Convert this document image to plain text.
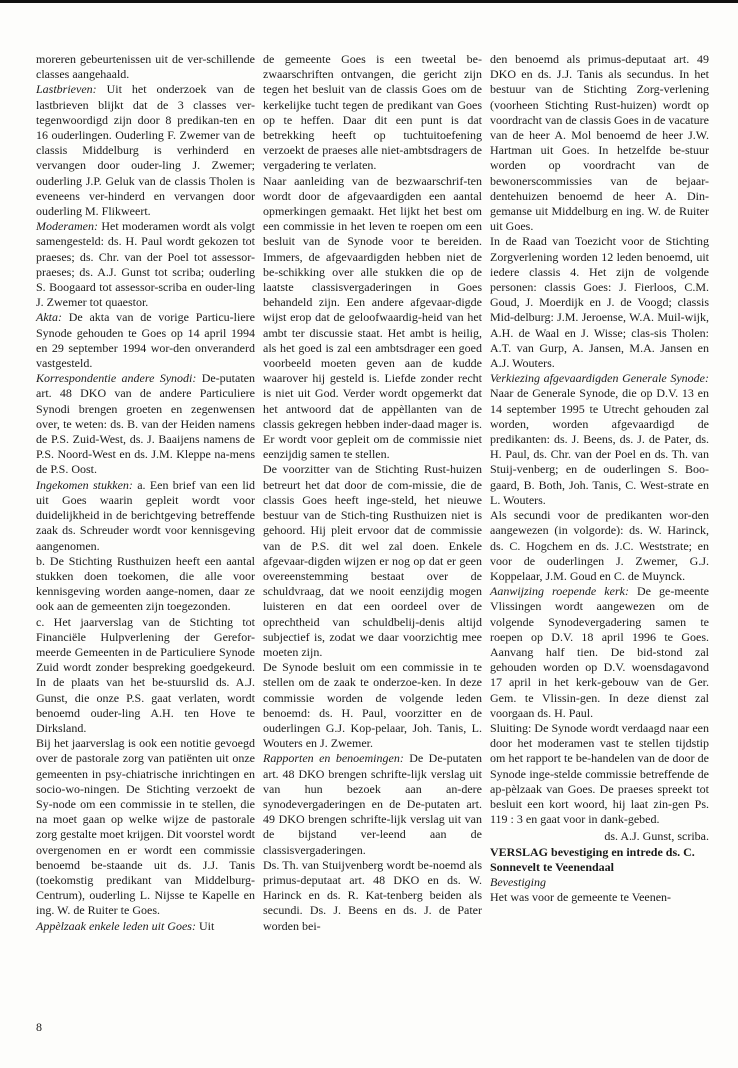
moreren gebeurtenissen uit de ver-schillende classes aangehaald.

Lastbrieven: Uit het onderzoek van de lastbrieven blijkt dat de 3 classes ver-tegenwoordigd zijn door 8 predikan-ten en 16 ouderlingen. Ouderling F. Zwemer van de classis Middelburg is verhinderd en vervangen door ouder-ling J. Zwemer; ouderling J.P. Geluk van de classis Tholen is eveneens ver-hinderd en vervangen door ouderling M. Flikweert.

Moderamen: Het moderamen wordt als volgt samengesteld: ds. H. Paul wordt gekozen tot praeses; ds. Chr. van der Poel tot assessor-praeses; ds. A.J. Gunst tot scriba; ouderling S. Boogaard tot assessor-scriba en ouder-ling J. Zwemer tot quaestor.

Akta: De akta van de vorige Particu-liere Synode gehouden te Goes op 14 april 1994 en 29 september 1994 wor-den onveranderd vastgesteld.

Korrespondentie andere Synodi: De-putaten art. 48 DKO van de andere Particuliere Synodi brengen groeten en zegenwensen over, te weten: ds. B. van der Heiden namens de P.S. Zuid-West, ds. J. Baaijens namens de P.S. Noord-West en ds. J.M. Kleppe na-mens de P.S. Oost.

Ingekomen stukken: a. Een brief van een lid uit Goes waarin gepleit wordt voor duidelijkheid in de berichtgeving betreffende zaak ds. Schreuder wordt voor kennisgeving aangenomen.

b. De Stichting Rusthuizen heeft een aantal stukken doen toekomen, die alle voor kennisgeving worden aange-nomen, daar ze ook aan de gemeenten zijn toegezonden.

c. Het jaarverslag van de Stichting tot Financiële Hulpverlening der Gerefor-meerde Gemeenten in de Particuliere Synode Zuid wordt zonder bespreking goedgekeurd. In de plaats van het be-stuurslid ds. A.J. Gunst, die onze P.S. gaat verlaten, wordt benoemd ouder-ling A.H. ten Hove te Dirksland.

Bij het jaarverslag is ook een notitie gevoegd over de pastorale zorg van patiënten uit onze gemeenten in psy-chiatrische inrichtingen en socio-wo-ningen. De Stichting verzoekt de Sy-node om een commissie in te stellen, die na moet gaan op welke wijze de pastorale zorg gestalte moet krijgen. Dit voorstel wordt overgenomen en er wordt een commissie benoemd be-staande uit ds. J.J. Tanis (toekomstig predikant van Middelburg-Centrum), ouderling L. Nijsse te Kapelle en ing. W. de Ruiter te Goes.

Appèlzaak enkele leden uit Goes: Uit

de gemeente Goes is een tweetal be-zwaarschriften ontvangen, die gericht zijn tegen het besluit van de classis Goes om de kerkelijke tucht tegen de predikant van Goes op te heffen. Daar dit een punt is dat betrekking heeft op tuchtuitoefening verzoekt de praeses alle niet-ambtsdragers de vergadering te verlaten.

Naar aanleiding van de bezwaarschrif-ten wordt door de afgevaardigden een aantal opmerkingen gemaakt. Het lijkt het best om een commissie in het leven te roepen om een besluit van de Synode voor te bereiden. Immers, de afgevaardigden hebben niet de be-schikking over alle stukken die op de laatste classisvergaderingen in Goes behandeld zijn. Een andere afgevaar-digde wijst erop dat de geloofwaardig-heid van het ambt ter discussie staat. Het ambt is heilig, als het goed is zal een ambtsdrager een goed voorbeeld moeten geven aan de kudde waarover hij gesteld is. Liefde zonder recht is niet uit God. Verder wordt opgemerkt dat het antwoord dat de appèllanten van de classis gekregen hebben inder-daad mager is. Er wordt voor gepleit om de commissie niet eenzijdig samen te stellen.

De voorzitter van de Stichting Rust-huizen betreurt het dat door de com-missie, die de classis Goes heeft inge-steld, het nieuwe bestuur van de Stich-ting Rusthuizen niet is gehoord. Hij pleit ervoor dat de commissie van de P.S. dit wel zal doen. Enkele afgevaar-digden wijzen er nog op dat er geen overeenstemming bestaat over de schuldvraag, dat we nooit eenzijdig mogen luisteren en dat een oordeel over de oprechtheid van schuldbelij-denis altijd subjectief is, zodat we daar voorzichtig mee moeten zijn.

De Synode besluit om een commissie in te stellen om de zaak te onderzoe-ken. In deze commissie worden de volgende leden benoemd: ds. H. Paul, voorzitter en de ouderlingen G.J. Kop-pelaar, Joh. Tanis, L. Wouters en J. Zwemer.

Rapporten en benoemingen: De De-putaten art. 48 DKO brengen schrifte-lijk verslag uit van hun bezoek aan an-dere synodevergaderingen en de De-putaten art. 49 DKO brengen schrifte-lijk verslag uit van de bijstand ver-leend aan de classisvergaderingen.

Ds. Th. van Stuijvenberg wordt be-noemd als primus-deputaat art. 48 DKO en ds. W. Harinck en ds. R. Kat-tenberg beiden als secundi. Ds. J. Beens en ds. J. de Pater worden bei-

den benoemd als primus-deputaat art. 49 DKO en ds. J.J. Tanis als secundus. In het bestuur van de Stichting Zorg-verlening (voorheen Stichting Rust-huizen) wordt op voordracht van de classis Goes in de vacature van de heer A. Mol benoemd de heer J.W. Hartman uit Goes. In hetzelfde be-stuur worden op voordracht van de bewonerscommissies van de bejaar-dentehuizen benoemd de heer A. Din-gemanse uit Middelburg en ing. W. de Ruiter uit Goes.

In de Raad van Toezicht voor de Stichting Zorgverlening worden 12 leden benoemd, uit iedere classis 4. Het zijn de volgende personen: classis Goes: J. Fierloos, C.M. Goud, J. Moerdijk en J. de Voogd; classis Mid-delburg: J.M. Jeroense, W.A. Muil-wijk, A.H. de Waal en J. Wisse; clas-sis Tholen: A.T. van Gurp, A. Jansen, M.A. Jansen en A.J. Wouters.

Verkiezing afgevaardigden Generale Synode: Naar de Generale Synode, die op D.V. 13 en 14 september 1995 te Utrecht gehouden zal worden, worden afgevaardigd de predikanten: ds. J. Beens, ds. J. de Pater, ds. H. Paul, ds. Chr. van der Poel en ds. Th. van Stuij-venberg; en de ouderlingen S. Boo-gaard, B. Both, Joh. Tanis, C. West-strate en L. Wouters.

Als secundi voor de predikanten wor-den aangewezen (in volgorde): ds. W. Harinck, ds. C. Hogchem en ds. J.C. Weststrate; en voor de ouderlingen J. Zwemer, G.J. Koppelaar, J.M. Goud en C. de Muynck.

Aanwijzing roepende kerk: De ge-meente Vlissingen wordt aangewezen om de volgende Synodevergadering samen te roepen op D.V. 18 april 1996 te Goes. Aanvang half tien. De bid-stond zal gehouden worden op D.V. woensdagavond 17 april in het kerk-gebouw van de Ger. Gem. te Vlissin-gen. In deze dienst zal voorgaan ds. H. Paul.

Sluiting: De Synode wordt verdaagd naar een door het moderamen vast te stellen tijdstip om het rapport te be-handelen van de door de Synode inge-stelde commissie betreffende de ap-pèlzaak van Goes. De praeses spreekt tot besluit een kort woord, hij laat zin-gen Ps. 119 : 3 en gaat voor in dank-gebed.

ds. A.J. Gunst, scriba.

VERSLAG bevestiging en intrede ds. C. Sonnevelt te Veenendaal

Bevestiging

Het was voor de gemeente te Veenen-

8
